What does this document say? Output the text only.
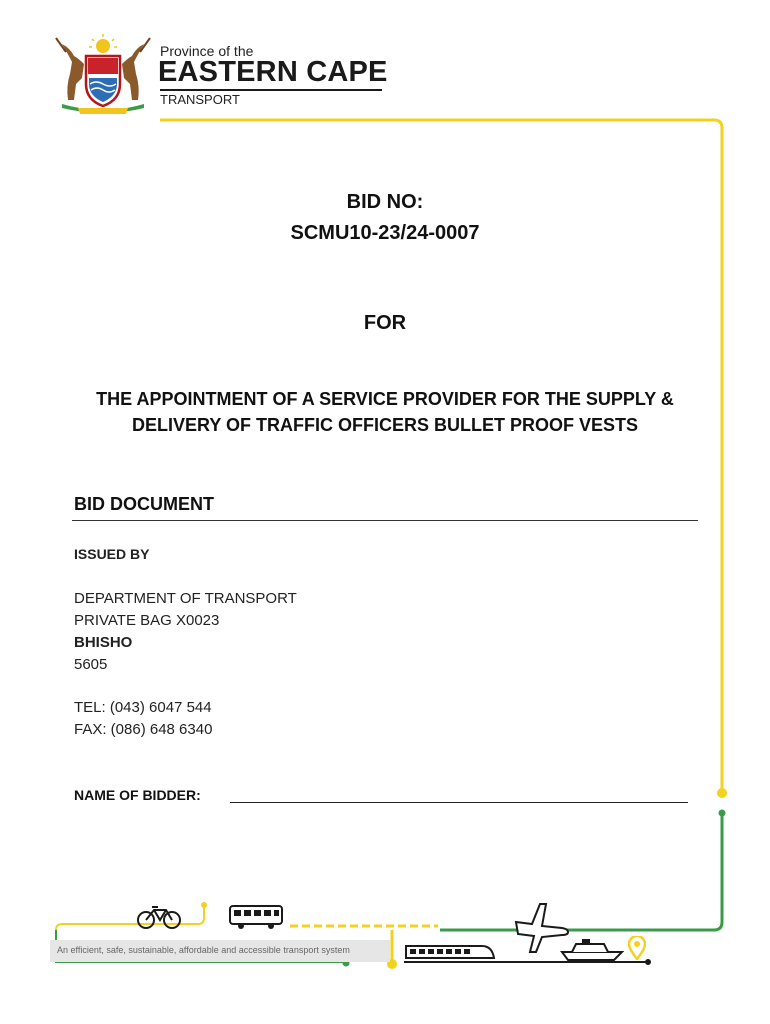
Province of the
EASTERN CAPE
TRANSPORT
BID NO:
SCMU10-23/24-0007
FOR
THE APPOINTMENT OF A SERVICE PROVIDER FOR THE SUPPLY & DELIVERY OF TRAFFIC OFFICERS BULLET PROOF VESTS
BID DOCUMENT
ISSUED BY
DEPARTMENT OF TRANSPORT
PRIVATE BAG X0023
BHISHO
5605
TEL: (043) 6047 544
FAX: (086) 648 6340
NAME OF BIDDER:
An efficient, safe, sustainable, affordable and accessible transport system
